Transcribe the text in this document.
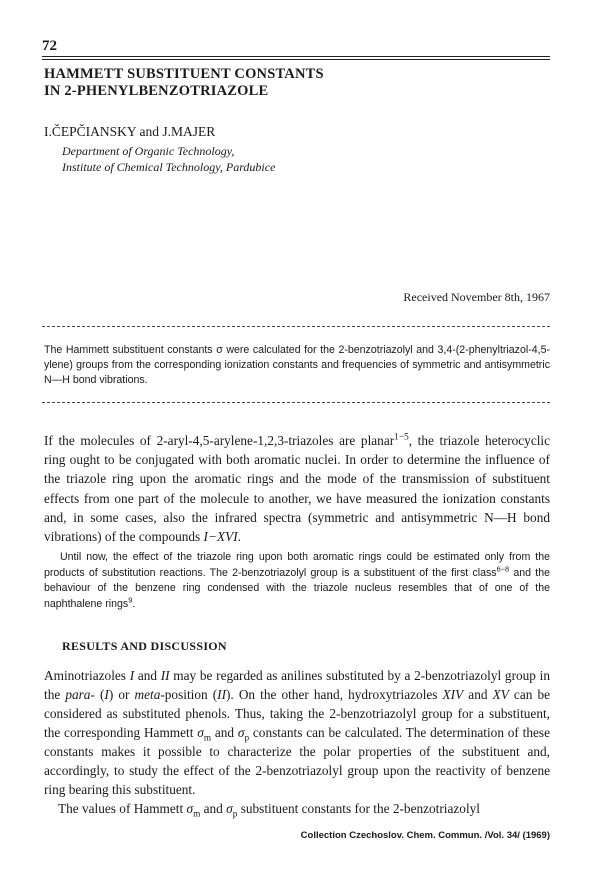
72
HAMMETT SUBSTITUENT CONSTANTS
IN 2-PHENYLBENZOTRIAZOLE
I.ČEPČIANSKY and J.MAJER
Department of Organic Technology,
Institute of Chemical Technology, Pardubice
Received November 8th, 1967
The Hammett substituent constants σ were calculated for the 2-benzotriazolyl and 3,4-(2-phenyltriazol-4,5-ylene) groups from the corresponding ionization constants and frequencies of symmetric and antisymmetric N—H bond vibrations.

If the molecules of 2-aryl-4,5-arylene-1,2,3-triazoles are planar$^{1-5}$, the triazole heterocyclic ring ought to be conjugated with both aromatic nuclei. In order to determine the influence of the triazole ring upon the aromatic rings and the mode of the transmission of substituent effects from one part of the molecule to another, we have measured the ionization constants and, in some cases, also the infrared spectra (symmetric and antisymmetric N—H bond vibrations) of the compounds I−XVI.

Until now, the effect of the triazole ring upon both aromatic rings could be estimated only from the products of substitution reactions. The 2-benzotriazolyl group is a substituent of the first class$^{6-8}$ and the behaviour of the benzene ring condensed with the triazole nucleus resembles that of one of the naphthalene rings$^9$.

RESULTS AND DISCUSSION

Aminotriazoles I and II may be regarded as anilines substituted by a 2-benzotriazolyl group in the para- (I) or meta-position (II). On the other hand, hydroxytriazoles XIV and XV can be considered as substituted phenols. Thus, taking the 2-benzotriazolyl group for a substituent, the corresponding Hammett $\sigma_m$ and $\sigma_p$ constants can be calculated. The determination of these constants makes it possible to characterize the polar properties of the substituent and, accordingly, to study the effect of the 2-benzotriazolyl group upon the reactivity of benzene ring bearing this substituent.

The values of Hammett $\sigma_m$ and $\sigma_p$ substituent constants for the 2-benzotriazolyl

Collection Czechoslov. Chem. Commun. /Vol. 34/ (1969)
